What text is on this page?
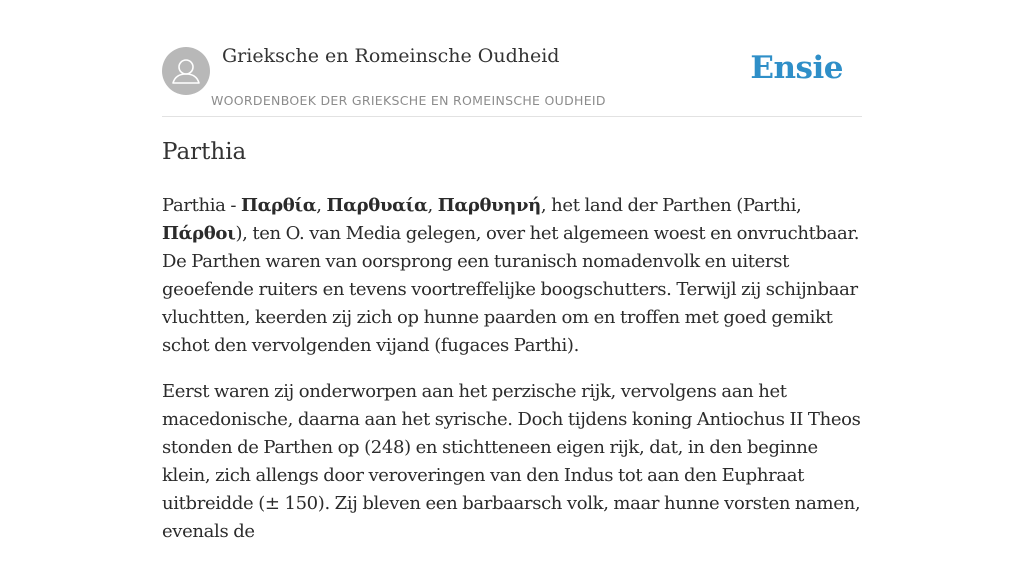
Grieksche en Romeinsche Oudheid
WOORDENBOEK DER GRIEKSCHE EN ROMEINSCHE OUDHEID
Ensie
Parthia

Parthia - Παρθία, Παρθυαία, Παρθυηνή, het land der Parthen (Parthi, Πάρθοι), ten O. van Media gelegen, over het algemeen woest en onvruchtbaar. De Parthen waren van oorsprong een turanisch nomadenvolk en uiterst geoefende ruiters en tevens voortreffelijke boogschutters. Terwijl zij schijnbaar vluchtten, keerden zij zich op hunne paarden om en troffen met goed gemikt schot den vervolgenden vijand (fugaces Parthi).

Eerst waren zij onderworpen aan het perzische rijk, vervolgens aan het macedonische, daarna aan het syrische. Doch tijdens koning Antiochus II Theos stonden de Parthen op (248) en stichtteneen eigen rijk, dat, in den beginne klein, zich allengs door veroveringen van den Indus tot aan den Euphraat uitbreidde (± 150). Zij bleven een barbaarsch volk, maar hunne vorsten namen, evenals de
